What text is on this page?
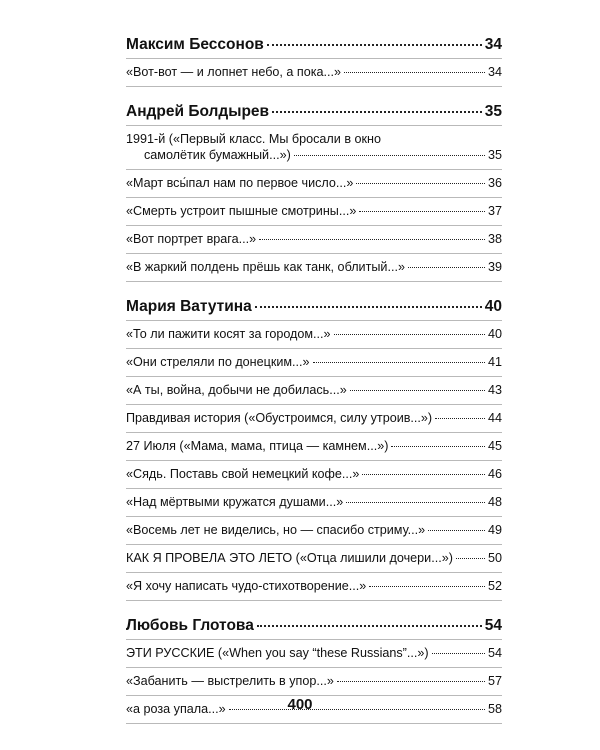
Максим Бессонов	34
«Вот-вот — и лопнет небо, а пока...»	34
Андрей Болдырев	35
1991-й («Первый класс. Мы бросали в окно
самолётик бумажный...»)	35
«Март всы́пал нам по первое число...»	36
«Смерть устроит пышные смотрины...»	37
«Вот портрет врага...»	38
«В жаркий полдень прёшь как танк, облитый...»	39
Мария Ватутина	40
«То ли пажити косят за городом...»	40
«Они стреляли по донецким...»	41
«А ты, война, добычи не добилась...»	43
Правдивая история («Обустроимся, силу утроив...»)	44
27 Июля («Мама, мама, птица — камнем...»)	45
«Сядь. Поставь свой немецкий кофе...»	46
«Над мёртвыми кружатся душами...»	48
«Восемь лет не виделись, но — спасибо стриму...»	49
КАК Я ПРОВЕЛА ЭТО ЛЕТО («Отца лишили дочери...»)	50
«Я хочу написать чудо-стихотворение...»	52
Любовь Глотова	54
ЭТИ РУССКИЕ («When you say “these Russians”...»)	54
«Забанить — выстрелить в упор...»	57
«а роза упала...»	58
400
